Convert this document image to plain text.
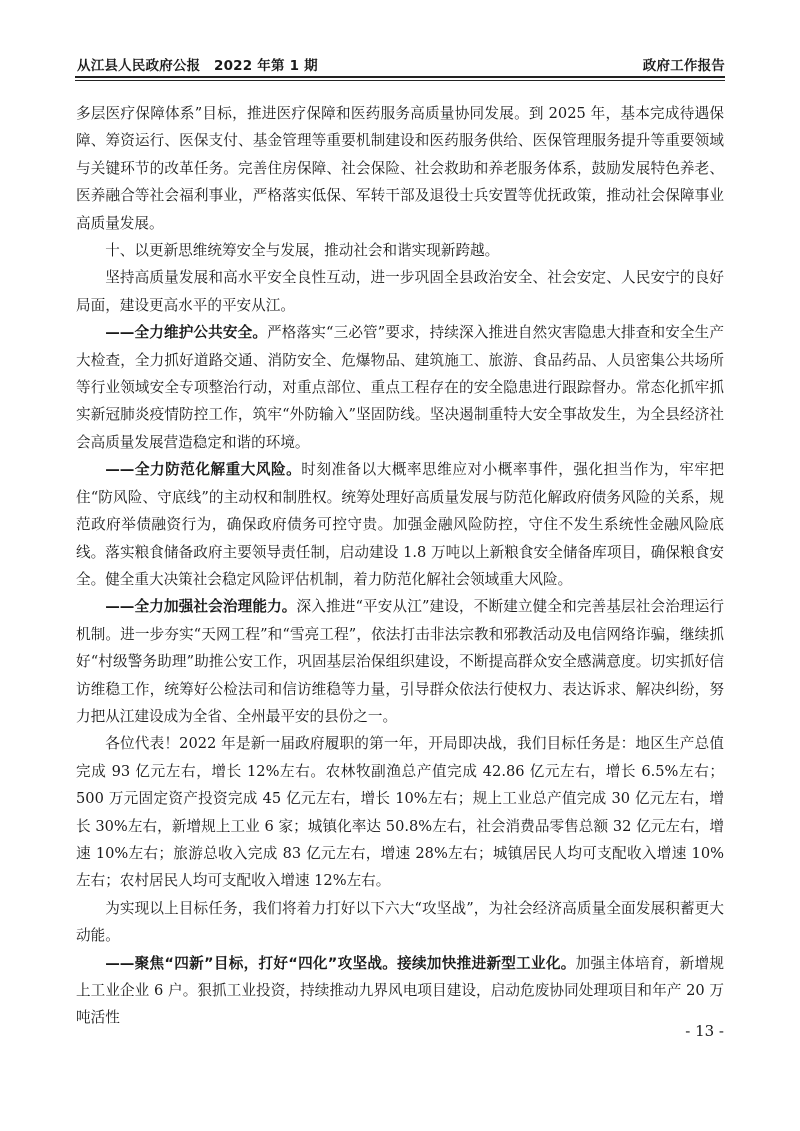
从江县人民政府公报　2022 年第 1 期	政府工作报告

多层医疗保障体系”目标，推进医疗保障和医药服务高质量协同发展。到 2025 年，基本完成待遇保障、筹资运行、医保支付、基金管理等重要机制建设和医药服务供给、医保管理服务提升等重要领域与关键环节的改革任务。完善住房保障、社会保险、社会救助和养老服务体系，鼓励发展特色养老、医养融合等社会福利事业，严格落实低保、军转干部及退役士兵安置等优抚政策，推动社会保障事业高质量发展。

十、以更新思维统筹安全与发展，推动社会和谐实现新跨越。

坚持高质量发展和高水平安全良性互动，进一步巩固全县政治安全、社会安定、人民安宁的良好局面，建设更高水平的平安从江。

——全力维护公共安全。严格落实“三必管”要求，持续深入推进自然灾害隐患大排查和安全生产大检查，全力抓好道路交通、消防安全、危爆物品、建筑施工、旅游、食品药品、人员密集公共场所等行业领域安全专项整治行动，对重点部位、重点工程存在的安全隐患进行跟踪督办。常态化抓牢抓实新冠肺炎疫情防控工作，筑牢“外防输入”坚固防线。坚决遏制重特大安全事故发生，为全县经济社会高质量发展营造稳定和谐的环境。

——全力防范化解重大风险。时刻准备以大概率思维应对小概率事件，强化担当作为，牢牢把住“防风险、守底线”的主动权和制胜权。统筹处理好高质量发展与防范化解政府债务风险的关系，规范政府举债融资行为，确保政府债务可控守贵。加强金融风险防控，守住不发生系统性金融风险底线。落实粮食储备政府主要领导责任制，启动建设 1.8 万吨以上新粮食安全储备库项目，确保粮食安全。健全重大决策社会稳定风险评估机制，着力防范化解社会领域重大风险。

——全力加强社会治理能力。深入推进“平安从江”建设，不断建立健全和完善基层社会治理运行机制。进一步夯实“天网工程”和“雪亮工程”，依法打击非法宗教和邪教活动及电信网络诈骗，继续抓好“村级警务助理”助推公安工作，巩固基层治保组织建设，不断提高群众安全感满意度。切实抓好信访维稳工作，统筹好公检法司和信访维稳等力量，引导群众依法行使权力、表达诉求、解决纠纷，努力把从江建设成为全省、全州最平安的县份之一。

各位代表！2022 年是新一届政府履职的第一年，开局即决战，我们目标任务是：地区生产总值完成 93 亿元左右，增长 12%左右。农林牧副渔总产值完成 42.86 亿元左右，增长 6.5%左右；500 万元固定资产投资完成 45 亿元左右，增长 10%左右；规上工业总产值完成 30 亿元左右，增长 30%左右，新增规上工业 6 家；城镇化率达 50.8%左右，社会消费品零售总额 32 亿元左右，增速 10%左右；旅游总收入完成 83 亿元左右，增速 28%左右；城镇居民人均可支配收入增速 10%左右；农村居民人均可支配收入增速 12%左右。

为实现以上目标任务，我们将着力打好以下六大“攻坚战”，为社会经济高质量全面发展积蓄更大动能。

——聚焦“四新”目标，打好“四化”攻坚战。接续加快推进新型工业化。加强主体培育，新增规上工业企业 6 户。狠抓工业投资，持续推动九界风电项目建设，启动危废协同处理项目和年产 20 万吨活性

- 13 -
